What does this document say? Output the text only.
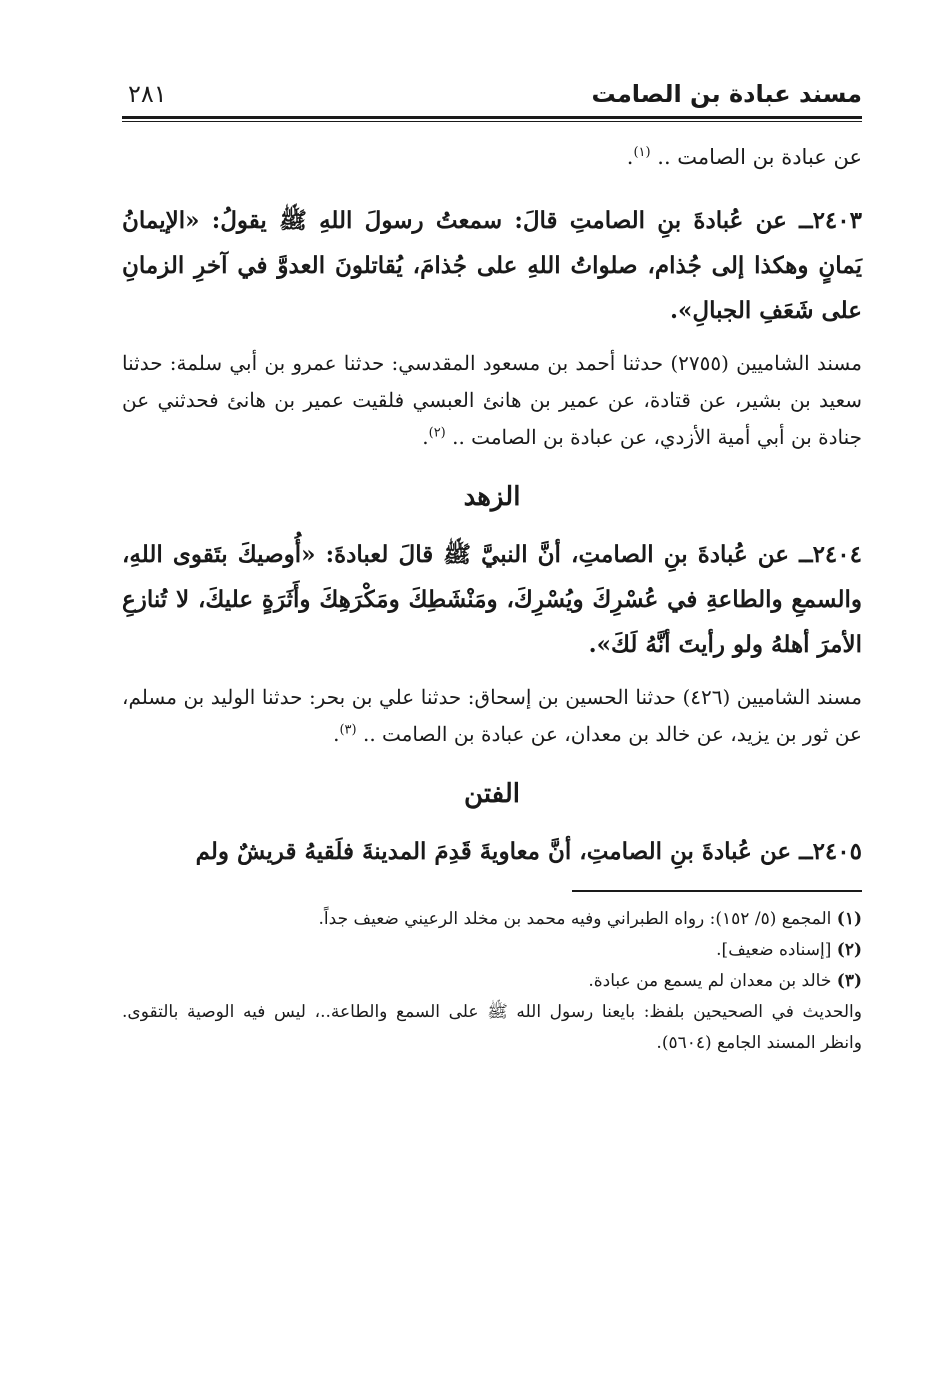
مسند عبادة بن الصامت
٢٨١

عن عبادة بن الصامت .. $^{(١)}$.

٢٤٠٣ــ عن عُبادةَ بنِ الصامتِ قالَ: سمعتُ رسولَ اللهِ ﷺ يقولُ: «الإيمانُ يَمانٍ وهكذا إلى جُذام، صلواتُ اللهِ على جُذامَ، يُقاتلونَ العدوَّ في آخرِ الزمانِ على شَعَفِ الجبالِ».

مسند الشاميين (٢٧٥٥) حدثنا أحمد بن مسعود المقدسي: حدثنا عمرو بن أبي سلمة: حدثنا سعيد بن بشير، عن قتادة، عن عمير بن هانئ العبسي فلقيت عمير بن هانئ فحدثني عن جنادة بن أبي أمية الأزدي، عن عبادة بن الصامت .. $^{(٢)}$.

الزهد

٢٤٠٤ــ عن عُبادةَ بنِ الصامتِ، أنَّ النبيَّ ﷺ قالَ لعبادةَ: «أُوصيكَ بتَقوى اللهِ، والسمعِ والطاعةِ في عُسْرِكَ ويُسْرِكَ، ومَنْشَطِكَ ومَكْرَهِكَ وأَثَرَةٍ عليكَ، لا تُنازعِ الأمرَ أهلهُ ولو رأيتَ أنَّهُ لَكَ».

مسند الشاميين (٤٢٦) حدثنا الحسين بن إسحاق: حدثنا علي بن بحر: حدثنا الوليد بن مسلم، عن ثور بن يزيد، عن خالد بن معدان، عن عبادة بن الصامت .. $^{(٣)}$.

الفتن

٢٤٠٥ــ عن عُبادةَ بنِ الصامتِ، أنَّ معاويةَ قَدِمَ المدينةَ فلَقيهُ قريشٌ ولم

(١) المجمع (٥/ ١٥٢): رواه الطبراني وفيه محمد بن مخلد الرعيني ضعيف جداً.

(٢) [إسناده ضعيف].

(٣) خالد بن معدان لم يسمع من عبادة.

والحديث في الصحيحين بلفظ: بايعنا رسول الله ﷺ على السمع والطاعة..، ليس فيه الوصية بالتقوى. وانظر المسند الجامع (٥٦٠٤).
